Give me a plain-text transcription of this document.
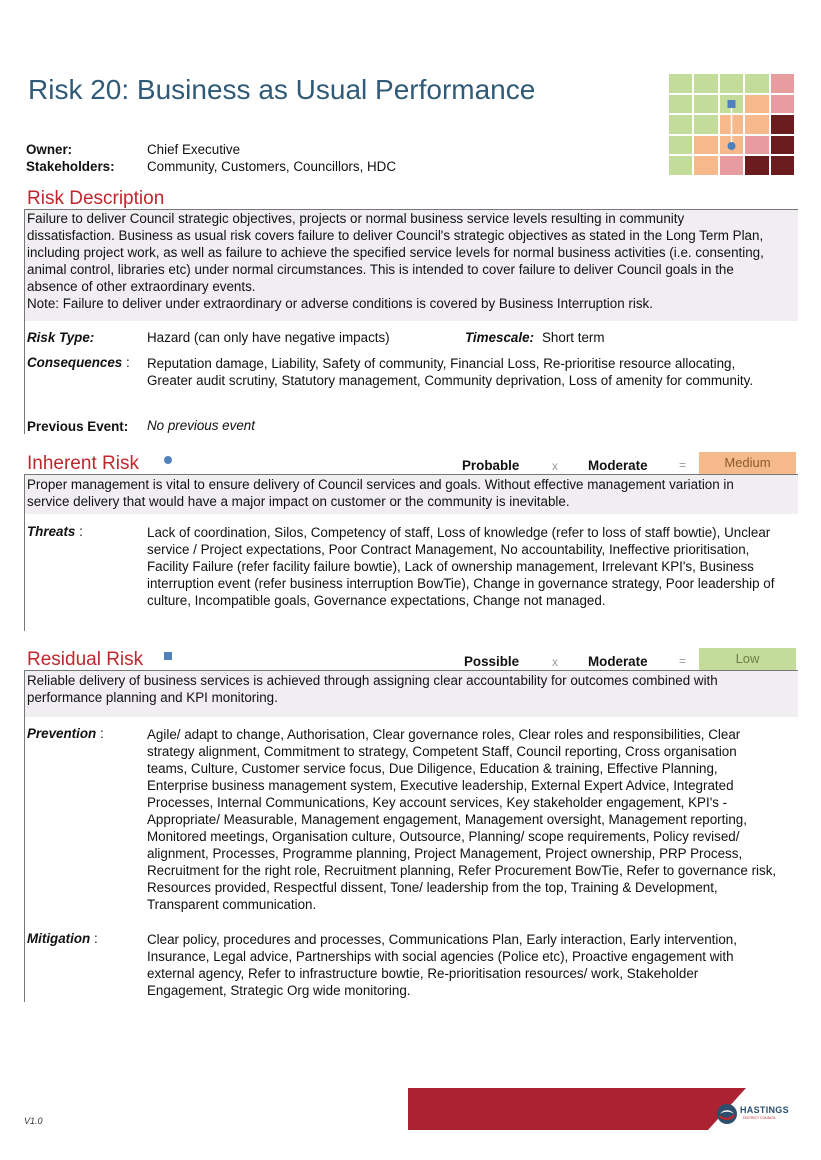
Risk 20: Business as Usual Performance
Owner:	Chief Executive
Stakeholders: Community, Customers, Councillors, HDC
Risk Description
Failure to deliver Council strategic objectives, projects or normal business service levels resulting in community
dissatisfaction. Business as usual risk covers failure to deliver Council's strategic objectives as stated in the Long Term Plan,
including project work, as well as failure to achieve the specified service levels for normal business activities (i.e. consenting,
animal control, libraries etc) under normal circumstances. This is intended to cover failure to deliver Council goals in the
absence of other extraordinary events.
Note: Failure to deliver under extraordinary or adverse conditions is covered by Business Interruption risk.
Risk Type:	Hazard (can only have negative impacts)	Timescale: Short term
Consequences : Reputation damage, Liability, Safety of community, Financial Loss, Re-prioritise resource allocating,
Greater audit scrutiny, Statutory management, Community deprivation, Loss of amenity for community.
Previous Event: No previous event
Inherent Risk	Probable	x Moderate	=	Medium
Proper management is vital to ensure delivery of Council services and goals. Without effective management variation in
service delivery that would have a major impact on customer or the community is inevitable.
Threats :	Lack of coordination, Silos, Competency of staff, Loss of knowledge (refer to loss of staff bowtie), Unclear
service / Project expectations, Poor Contract Management, No accountability, Ineffective prioritisation,
Facility Failure (refer facility failure bowtie), Lack of ownership management, Irrelevant KPI's, Business
interruption event (refer business interruption BowTie), Change in governance strategy, Poor leadership of
culture, Incompatible goals, Governance expectations, Change not managed.
Residual Risk	Possible	x Moderate	=	Low
Reliable delivery of business services is achieved through assigning clear accountability for outcomes combined with
performance planning and KPI monitoring.
Prevention :	Agile/ adapt to change, Authorisation, Clear governance roles, Clear roles and responsibilities, Clear
strategy alignment, Commitment to strategy, Competent Staff, Council reporting, Cross organisation
teams, Culture, Customer service focus, Due Diligence, Education & training, Effective Planning,
Enterprise business management system, Executive leadership, External Expert Advice, Integrated
Processes, Internal Communications, Key account services, Key stakeholder engagement, KPI's -
Appropriate/ Measurable, Management engagement, Management oversight, Management reporting,
Monitored meetings, Organisation culture, Outsource, Planning/ scope requirements, Policy revised/
alignment, Processes, Programme planning, Project Management, Project ownership, PRP Process,
Recruitment for the right role, Recruitment planning, Refer Procurement BowTie, Refer to governance risk,
Resources provided, Respectful dissent, Tone/ leadership from the top, Training & Development,
Transparent communication.
Mitigation :	Clear policy, procedures and processes, Communications Plan, Early interaction, Early intervention,
Insurance, Legal advice, Partnerships with social agencies (Police etc), Proactive engagement with
external agency, Refer to infrastructure bowtie, Re-prioritisation resources/ work, Stakeholder
Engagement, Strategic Org wide monitoring.
V1.0
HASTINGS
DISTRICT COUNCIL
